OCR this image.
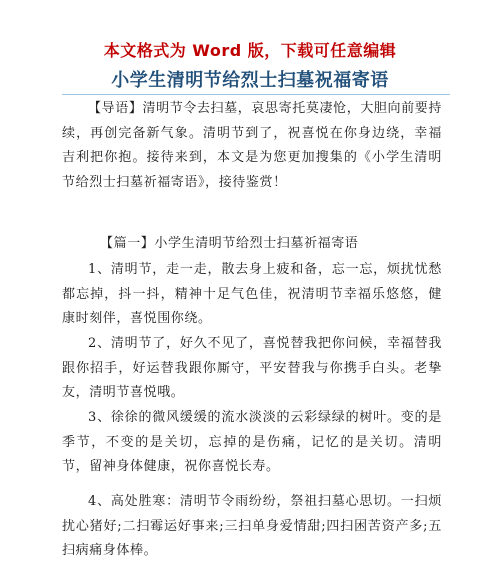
本文格式为 Word 版，下载可任意编辑
小学生清明节给烈士扫墓祝福寄语

【导语】清明节令去扫墓，哀思寄托莫凄怆，大胆向前要持续，再创完备新气象。清明节到了，祝喜悦在你身边绕，幸福吉利把你抱。接待来到，本文是为您更加搜集的《小学生清明节给烈士扫墓祈福寄语》，接待鉴赏！

【篇一】小学生清明节给烈士扫墓祈福寄语

1、清明节，走一走，散去身上疲和备，忘一忘，烦扰忧愁都忘掉，抖一抖，精神十足气色佳，祝清明节幸福乐悠悠，健康时刻伴，喜悦围你绕。

2、清明节了，好久不见了，喜悦替我把你问候，幸福替我跟你招手，好运替我跟你厮守，平安替我与你携手白头。老挚友，清明节喜悦哦。

3、徐徐的微风缓缓的流水淡淡的云彩绿绿的树叶。变的是季节，不变的是关切，忘掉的是伤痛，记忆的是关切。清明节，留神身体健康，祝你喜悦长寿。

4、高处胜寒：清明节令雨纷纷，祭祖扫墓心思切。一扫烦扰心猪好;二扫霉运好事来;三扫单身爱情甜;四扫困苦资产多;五扫病痛身体棒。
